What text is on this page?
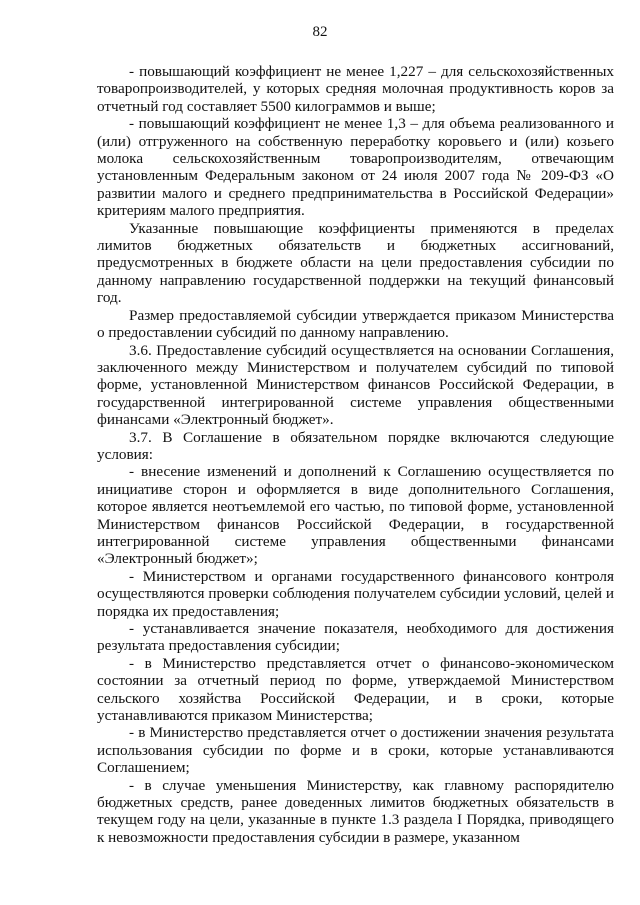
82

- повышающий коэффициент не менее 1,227 – для сельскохозяйственных товаропроизводителей, у которых средняя молочная продуктивность коров за отчетный год составляет 5500 килограммов и выше;

- повышающий коэффициент не менее 1,3 – для объема реализованного и (или) отгруженного на собственную переработку коровьего и (или) козьего молока сельскохозяйственным товаропроизводителям, отвечающим установленным Федеральным законом от 24 июля 2007 года № 209-ФЗ «О развитии малого и среднего предпринимательства в Российской Федерации» критериям малого предприятия.

Указанные повышающие коэффициенты применяются в пределах лимитов бюджетных обязательств и бюджетных ассигнований, предусмотренных в бюджете области на цели предоставления субсидии по данному направлению государственной поддержки на текущий финансовый год.

Размер предоставляемой субсидии утверждается приказом Министерства о предоставлении субсидий по данному направлению.

3.6. Предоставление субсидий осуществляется на основании Соглашения, заключенного между Министерством и получателем субсидий по типовой форме, установленной Министерством финансов Российской Федерации, в государственной интегрированной системе управления общественными финансами «Электронный бюджет».

3.7. В Соглашение в обязательном порядке включаются следующие условия:

- внесение изменений и дополнений к Соглашению осуществляется по инициативе сторон и оформляется в виде дополнительного Соглашения, которое является неотъемлемой его частью, по типовой форме, установленной Министерством финансов Российской Федерации, в государственной интегрированной системе управления общественными финансами «Электронный бюджет»;

- Министерством и органами государственного финансового контроля осуществляются проверки соблюдения получателем субсидии условий, целей и порядка их предоставления;

- устанавливается значение показателя, необходимого для достижения результата предоставления субсидии;

- в Министерство представляется отчет о финансово-экономическом состоянии за отчетный период по форме, утверждаемой Министерством сельского хозяйства Российской Федерации, и в сроки, которые устанавливаются приказом Министерства;

- в Министерство представляется отчет о достижении значения результата использования субсидии по форме и в сроки, которые устанавливаются Соглашением;

- в случае уменьшения Министерству, как главному распорядителю бюджетных средств, ранее доведенных лимитов бюджетных обязательств в текущем году на цели, указанные в пункте 1.3 раздела I Порядка, приводящего к невозможности предоставления субсидии в размере, указанном
